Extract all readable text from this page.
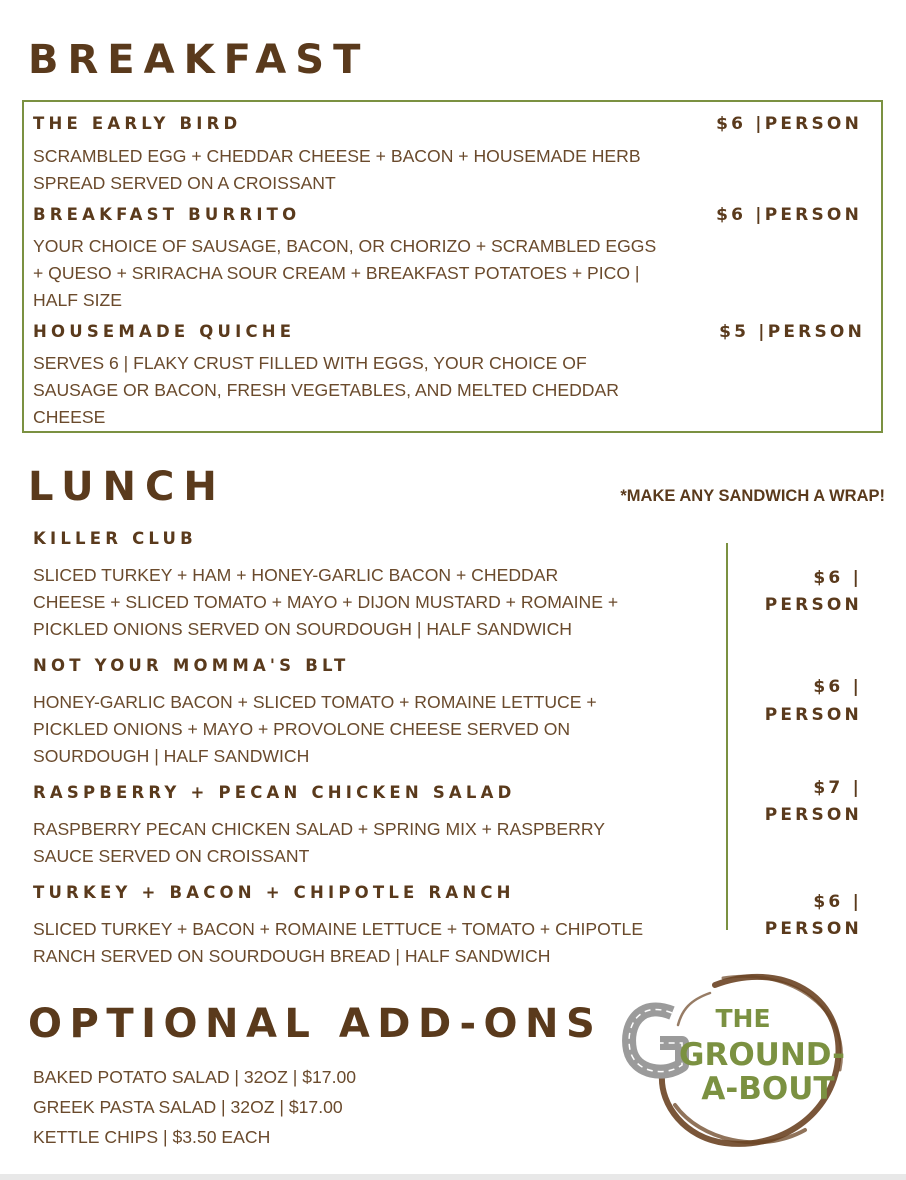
BREAKFAST
THE EARLY BIRD	$6 |PERSON

SCRAMBLED EGG + CHEDDAR CHEESE + BACON + HOUSEMADE HERB
SPREAD SERVED ON A CROISSANT
BREAKFAST BURRITO	$6 |PERSON

YOUR CHOICE OF SAUSAGE, BACON, OR CHORIZO + SCRAMBLED EGGS
+ QUESO + SRIRACHA SOUR CREAM + BREAKFAST POTATOES + PICO |
HALF SIZE
HOUSEMADE QUICHE	$5 |PERSON

SERVES 6 | FLAKY CRUST FILLED WITH EGGS, YOUR CHOICE OF
SAUSAGE OR BACON, FRESH VEGETABLES, AND MELTED CHEDDAR
CHEESE
LUNCH	*MAKE ANY SANDWICH A WRAP!

KILLER CLUB
SLICED TURKEY + HAM + HONEY-GARLIC BACON + CHEDDAR
CHEESE + SLICED TOMATO + MAYO + DIJON MUSTARD + ROMAINE +
PICKLED ONIONS SERVED ON SOURDOUGH | HALF SANDWICH
$6 |
PERSON
NOT YOUR MOMMA'S BLT
HONEY-GARLIC BACON + SLICED TOMATO + ROMAINE LETTUCE +
PICKLED ONIONS + MAYO + PROVOLONE CHEESE SERVED ON
SOURDOUGH | HALF SANDWICH
$6 |
PERSON
RASPBERRY + PECAN CHICKEN SALAD
RASPBERRY PECAN CHICKEN SALAD + SPRING MIX + RASPBERRY
SAUCE SERVED ON CROISSANT
$7 |
PERSON
TURKEY + BACON + CHIPOTLE RANCH
SLICED TURKEY + BACON + ROMAINE LETTUCE + TOMATO + CHIPOTLE
RANCH SERVED ON SOURDOUGH BREAD | HALF SANDWICH
$6 |
PERSON
OPTIONAL ADD-ONS

BAKED POTATO SALAD | 32OZ | $17.00

GREEK PASTA SALAD | 32OZ | $17.00

KETTLE CHIPS | $3.50 EACH

THE
GROUND-
A-BOUT
